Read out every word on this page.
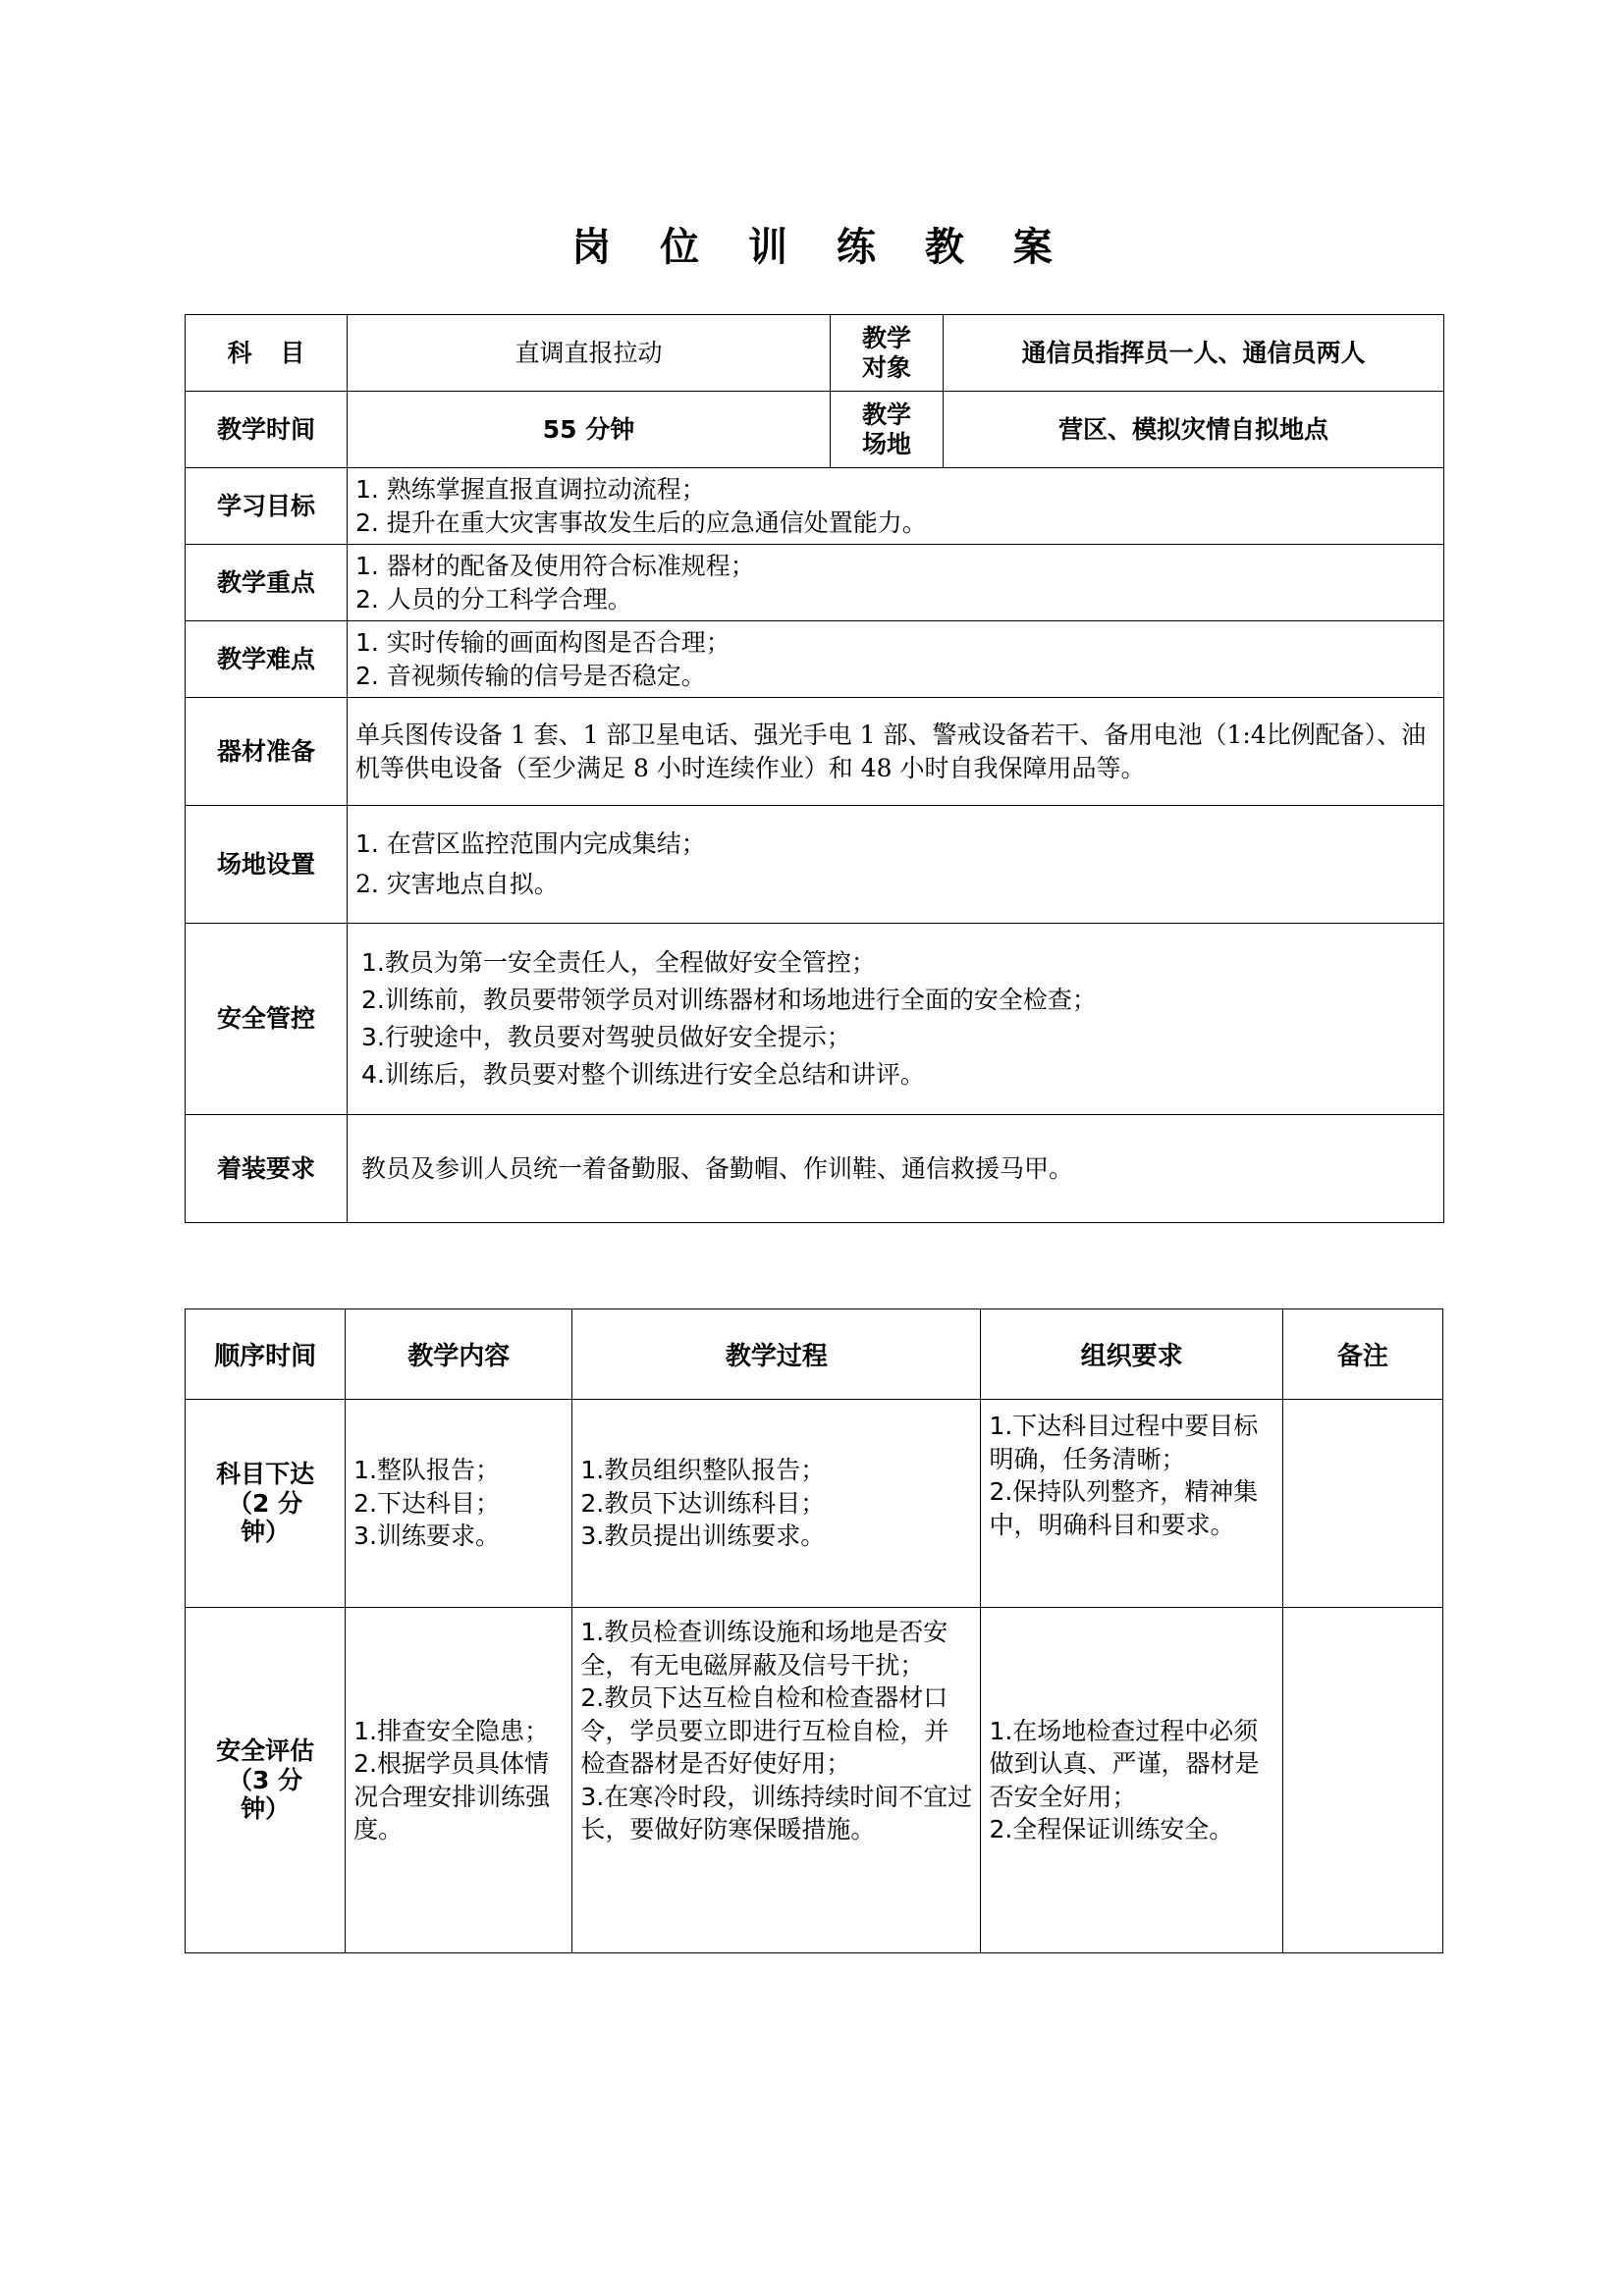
岗 位 训 练 教 案
科 目	直调直报拉动	教学
对象	通信员指挥员一人、通信员两人
教学时间	55 分钟	教学
场地	营区、模拟灾情自拟地点
学习目标	1. 熟练掌握直报直调拉动流程；
2. 提升在重大灾害事故发生后的应急通信处置能力。		

教学重点	1. 器材的配备及使用符合标准规程；
2. 人员的分工科学合理。		

教学难点	1. 实时传输的画面构图是否合理；
2. 音视频传输的信号是否稳定。		

器材准备	单兵图传设备 1 套、1 部卫星电话、强光手电 1 部、警戒设备若干、备用电池（1:4比例配备）、油机等供电设备（至少满足 8 小时连续作业）和 48 小时自我保障用品等。		
场地设置	1. 在营区监控范围内完成集结；
2. 灾害地点自拟。		

安全管控	1.教员为第一安全责任人，全程做好安全管控；
2.训练前，教员要带领学员对训练器材和场地进行全面的安全检查；
3.行驶途中，教员要对驾驶员做好安全提示；
4.训练后，教员要对整个训练进行安全总结和讲评。		

着装要求	教员及参训人员统一着备勤服、备勤帽、作训鞋、通信救援马甲。		
顺序时间	教学内容	教学过程	组织要求	备注

科目下达
（2 分
钟）	1.整队报告；
2.下达科目；
3.训练要求。	1.教员组织整队报告；
2.教员下达训练科目；
3.教员提出训练要求。	1.下达科目过程中要目标明确，任务清晰；
2.保持队列整齐，精神集中，明确科目和要求。	

安全评估
（3 分
钟）	1.排查安全隐患；
2.根据学员具体情况合理安排训练强度。	1.教员检查训练设施和场地是否安全，有无电磁屏蔽及信号干扰；
2.教员下达互检自检和检查器材口令，学员要立即进行互检自检，并检查器材是否好使好用；
3.在寒冷时段，训练持续时间不宜过长，要做好防寒保暖措施。	1.在场地检查过程中必须做到认真、严谨，器材是否安全好用；
2.全程保证训练安全。	
